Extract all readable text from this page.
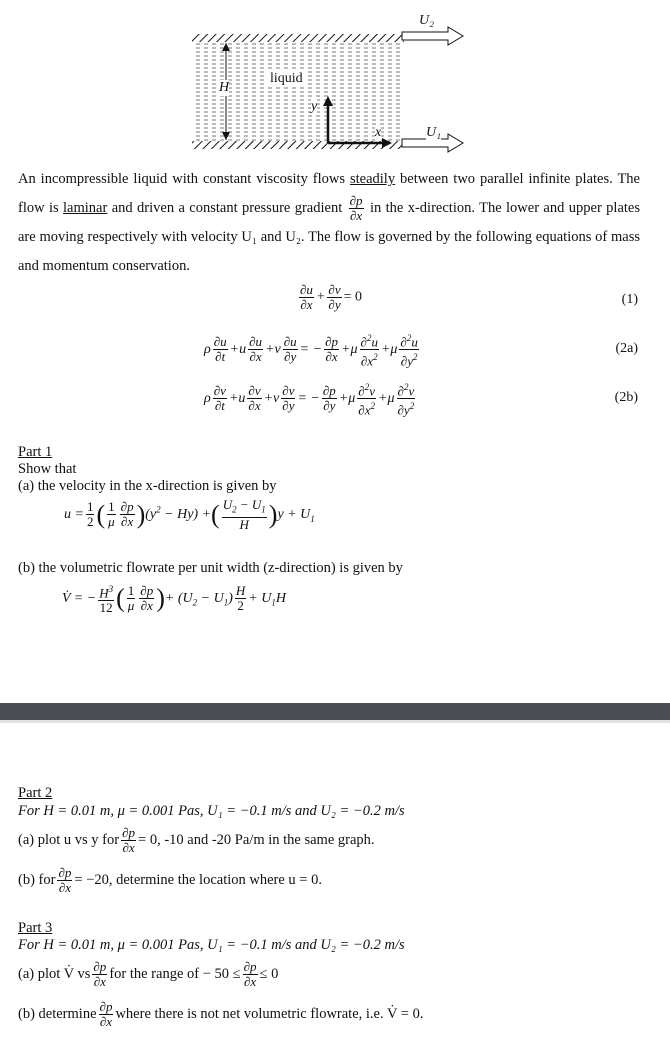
U₂
liquid
H
y
x	U₁
An incompressible liquid with constant viscosity flows steadily between two parallel infinite plates. The flow is laminar and driven a constant pressure gradient $\frac{\partial p}{\partial x}$ in the x-direction. The lower and upper plates are moving respectively with velocity U₁ and U₂. The flow is governed by the following equations of mass and momentum conservation.
$\frac{\partial u}{\partial x} + \frac{\partial v}{\partial y} = 0$	(1)
ρ $\frac{\partial u}{\partial t} +u \frac{\partial u}{\partial x} +v \frac{\partial u}{\partial y}$ = − $\frac{\partial p}{\partial x} +\mu \frac{\partial^2u}{\partial x^2} +\mu \frac{\partial^2u}{\partial y^2}$	(2a)
ρ $\frac{\partial v}{\partial t} +u \frac{\partial v}{\partial x} +v \frac{\partial v}{\partial y}$ = − $\frac{\partial p}{\partial y} +\mu \frac{\partial^2v}{\partial x^2} +\mu \frac{\partial^2v}{\partial y^2}$	(2b)
Part 1
Show that
(a) the velocity in the x-direction is given by
$u = \frac{1}{2}$ ( $\frac{1}{\mu} \frac{\partial p}{\partial x} )(y^2 - Hy)$ +( $\frac{U_2 - U_1}{H} )y + U_1$
(b) the volumetric flowrate per unit width (z-direction) is given by
V̇ = − $\frac{H^3}{12}$ ( $\frac{1}{\mu} \frac{\partial p}{\partial x}$ )+ $(U_2 - U_1) \frac{H}{2} + U_1H$
Part 2
For H = 0.01 m, μ = 0.001 Pas, U₁ = −0.1 m/s and U₂ = −0.2 m/s
(a) plot u vs y for $\frac{\partial p}{\partial x} = 0$, -10 and -20 Pa/m in the same graph.
(b) for $\frac{\partial p}{\partial x} = -20$, determine the location where u = 0.
Part 3
For H = 0.01 m, μ = 0.001 Pas, U₁ = −0.1 m/s and U₂ = −0.2 m/s
(a) plot V̇ vs $\frac{\partial p}{\partial x}$ for the range of − $50 \le \frac{\partial p}{\partial x} \le 0$
(b) determine $\frac{\partial p}{\partial x}$ where there is not net volumetric flowrate, i.e. V̇ = 0.
